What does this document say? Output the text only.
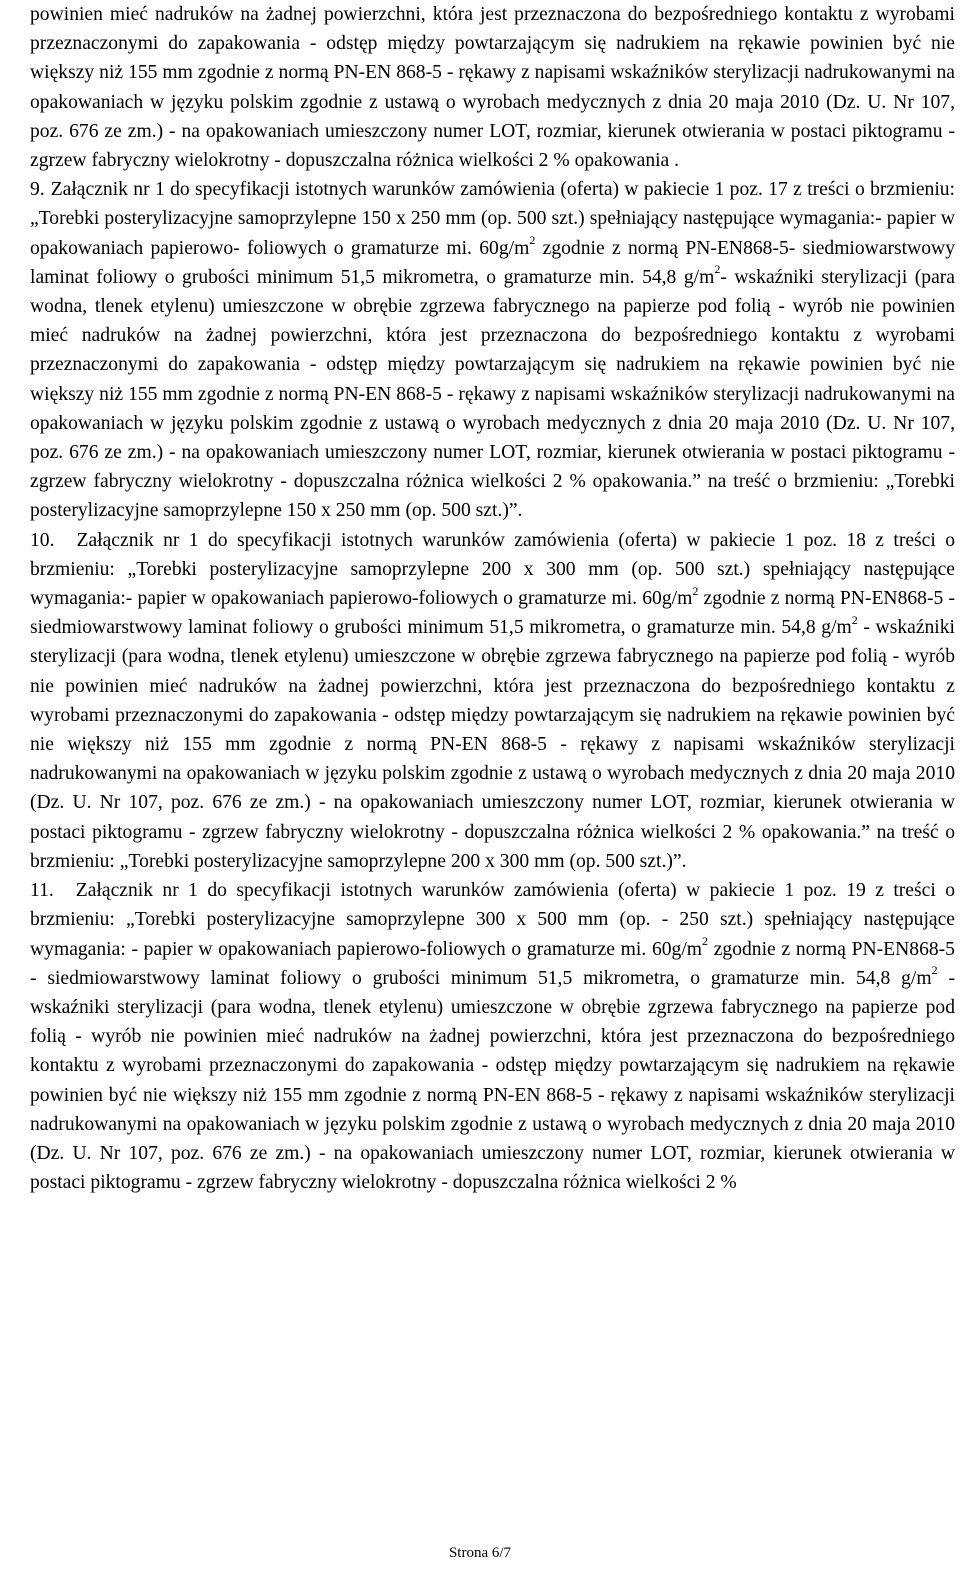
powinien mieć nadruków na żadnej powierzchni, która jest przeznaczona do bezpośredniego kontaktu z wyrobami przeznaczonymi do zapakowania - odstęp między powtarzającym się nadrukiem na rękawie powinien być nie większy niż 155 mm zgodnie z normą PN-EN 868-5 - rękawy z napisami wskaźników sterylizacji nadrukowanymi na opakowaniach w języku polskim zgodnie z ustawą o wyrobach medycznych z dnia 20 maja 2010 (Dz. U. Nr 107, poz. 676 ze zm.) - na opakowaniach umieszczony numer LOT, rozmiar, kierunek otwierania w postaci piktogramu - zgrzew fabryczny wielokrotny - dopuszczalna różnica wielkości 2 % opakowania .

9. Załącznik nr 1 do specyfikacji istotnych warunków zamówienia (oferta) w pakiecie 1 poz. 17 z treści o brzmieniu: „Torebki posterylizacyjne samoprzylepne 150 x 250 mm (op. 500 szt.) spełniający następujące wymagania:- papier w opakowaniach papierowo- foliowych o gramaturze mi. $60g/m^2$ zgodnie z normą PN-EN868-5- siedmiowarstwowy laminat foliowy o grubości minimum 51,5 mikrometra, o gramaturze min. 54,8 $g/m^2-$ wskaźniki sterylizacji (para wodna, tlenek etylenu) umieszczone w obrębie zgrzewa fabrycznego na papierze pod folią - wyrób nie powinien mieć nadruków na żadnej powierzchni, która jest przeznaczona do bezpośredniego kontaktu z wyrobami przeznaczonymi do zapakowania - odstęp między powtarzającym się nadrukiem na rękawie powinien być nie większy niż 155 mm zgodnie z normą PN-EN 868-5 - rękawy z napisami wskaźników sterylizacji nadrukowanymi na opakowaniach w języku polskim zgodnie z ustawą o wyrobach medycznych z dnia 20 maja 2010 (Dz. U. Nr 107, poz. 676 ze zm.) - na opakowaniach umieszczony numer LOT, rozmiar, kierunek otwierania w postaci piktogramu - zgrzew fabryczny wielokrotny - dopuszczalna różnica wielkości 2 % opakowania.” na treść o brzmieniu: „Torebki posterylizacyjne samoprzylepne 150 x 250 mm (op. 500 szt.)”.

10. Załącznik nr 1 do specyfikacji istotnych warunków zamówienia (oferta) w pakiecie 1 poz. 18 z treści o brzmieniu: „Torebki posterylizacyjne samoprzylepne 200 x 300 mm (op. 500 szt.) spełniający następujące wymagania:- papier w opakowaniach papierowo-foliowych o gramaturze mi. $60g/m^2$ zgodnie z normą PN-EN868-5 - siedmiowarstwowy laminat foliowy o grubości minimum 51,5 mikrometra, o gramaturze min. 54,8 $g/m^2$ - wskaźniki sterylizacji (para wodna, tlenek etylenu) umieszczone w obrębie zgrzewa fabrycznego na papierze pod folią - wyrób nie powinien mieć nadruków na żadnej powierzchni, która jest przeznaczona do bezpośredniego kontaktu z wyrobami przeznaczonymi do zapakowania - odstęp między powtarzającym się nadrukiem na rękawie powinien być nie większy niż 155 mm zgodnie z normą PN-EN 868-5 - rękawy z napisami wskaźników sterylizacji nadrukowanymi na opakowaniach w języku polskim zgodnie z ustawą o wyrobach medycznych z dnia 20 maja 2010 (Dz. U. Nr 107, poz. 676 ze zm.) - na opakowaniach umieszczony numer LOT, rozmiar, kierunek otwierania w postaci piktogramu - zgrzew fabryczny wielokrotny - dopuszczalna różnica wielkości 2 % opakowania.” na treść o brzmieniu: „Torebki posterylizacyjne samoprzylepne 200 x 300 mm (op. 500 szt.)”.

11. Załącznik nr 1 do specyfikacji istotnych warunków zamówienia (oferta) w pakiecie 1 poz. 19 z treści o brzmieniu: „Torebki posterylizacyjne samoprzylepne 300 x 500 mm (op. - 250 szt.) spełniający następujące wymagania: - papier w opakowaniach papierowo-foliowych o gramaturze mi. $60g/m^2$ zgodnie z normą PN-EN868-5 - siedmiowarstwowy laminat foliowy o grubości minimum 51,5 mikrometra, o gramaturze min. 54,8 $g/m^2$ - wskaźniki sterylizacji (para wodna, tlenek etylenu) umieszczone w obrębie zgrzewa fabrycznego na papierze pod folią - wyrób nie powinien mieć nadruków na żadnej powierzchni, która jest przeznaczona do bezpośredniego kontaktu z wyrobami przeznaczonymi do zapakowania - odstęp między powtarzającym się nadrukiem na rękawie powinien być nie większy niż 155 mm zgodnie z normą PN-EN 868-5 - rękawy z napisami wskaźników sterylizacji nadrukowanymi na opakowaniach w języku polskim zgodnie z ustawą o wyrobach medycznych z dnia 20 maja 2010 (Dz. U. Nr 107, poz. 676 ze zm.) - na opakowaniach umieszczony numer LOT, rozmiar, kierunek otwierania w postaci piktogramu - zgrzew fabryczny wielokrotny - dopuszczalna różnica wielkości 2 %

Strona 6/7
